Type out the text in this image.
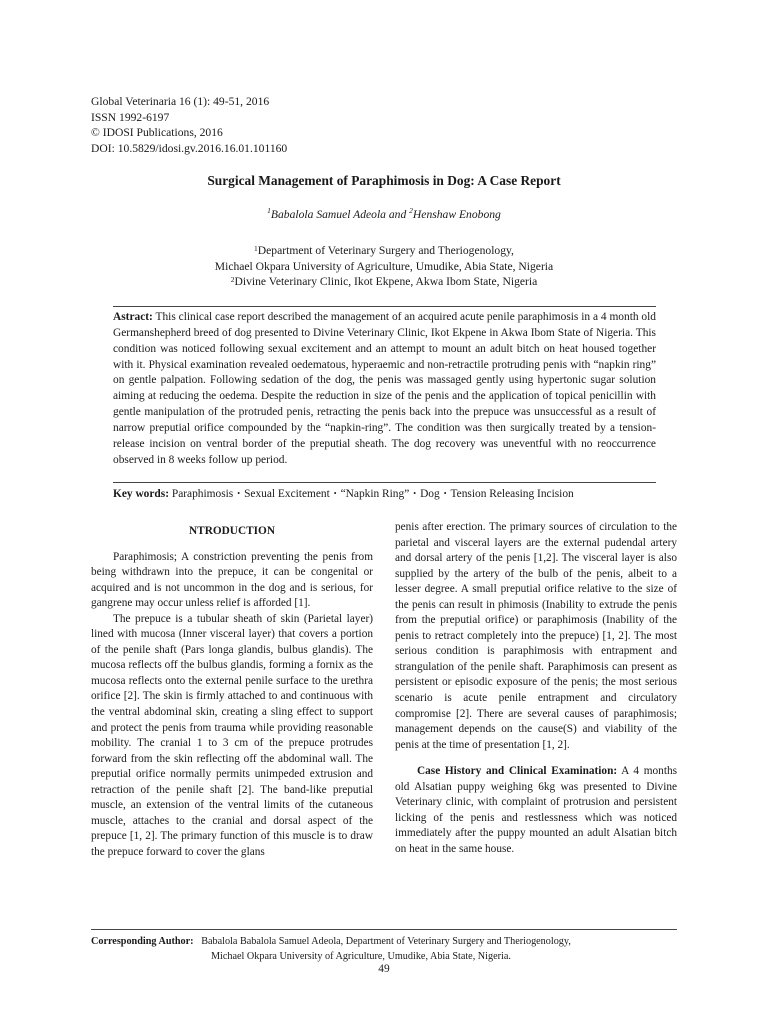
Global Veterinaria 16 (1): 49-51, 2016
ISSN 1992-6197
© IDOSI Publications, 2016
DOI: 10.5829/idosi.gv.2016.16.01.101160
Surgical Management of Paraphimosis in Dog: A Case Report
$^1$Babalola Samuel Adeola and $^2$Henshaw Enobong
$^1$Department of Veterinary Surgery and Theriogenology,
Michael Okpara University of Agriculture, Umudike, Abia State, Nigeria
$^2$Divine Veterinary Clinic, Ikot Ekpene, Akwa Ibom State, Nigeria
Astract: This clinical case report described the management of an acquired acute penile paraphimosis in a 4 month old Germanshepherd breed of dog presented to Divine Veterinary Clinic, Ikot Ekpene in Akwa Ibom State of Nigeria. This condition was noticed following sexual excitement and an attempt to mount an adult bitch on heat housed together with it. Physical examination revealed oedematous, hyperaemic and non-retractile protruding penis with “napkin ring” on gentle palpation. Following sedation of the dog, the penis was massaged gently using hypertonic sugar solution aiming at reducing the oedema. Despite the reduction in size of the penis and the application of topical penicillin with gentle manipulation of the protruded penis, retracting the penis back into the prepuce was unsuccessful as a result of narrow preputial orifice compounded by the “napkin-ring”. The condition was then surgically treated by a tension-release incision on ventral border of the preputial sheath. The dog recovery was uneventful with no reoccurrence observed in 8 weeks follow up period.
Key words: Paraphimosis • Sexual Excitement • “Napkin Ring” • Dog • Tension Releasing Incision
NTRODUCTION

Paraphimosis; A constriction preventing the penis from being withdrawn into the prepuce, it can be congenital or acquired and is not uncommon in the dog and is serious, for gangrene may occur unless relief is afforded [1].

The prepuce is a tubular sheath of skin (Parietal layer) lined with mucosa (Inner visceral layer) that covers a portion of the penile shaft (Pars longa glandis, bulbus glandis). The mucosa reflects off the bulbus glandis, forming a fornix as the mucosa reflects onto the external penile surface to the urethra orifice [2]. The skin is firmly attached to and continuous with the ventral abdominal skin, creating a sling effect to support and protect the penis from trauma while providing reasonable mobility. The cranial 1 to 3 cm of the prepuce protrudes forward from the skin reflecting off the abdominal wall. The preputial orifice normally permits unimpeded extrusion and retraction of the penile shaft [2]. The band-like preputial muscle, an extension of the ventral limits of the cutaneous muscle, attaches to the cranial and dorsal aspect of the prepuce [1, 2]. The primary function of this muscle is to draw the prepuce forward to cover the glans

penis after erection. The primary sources of circulation to the parietal and visceral layers are the external pudendal artery and dorsal artery of the penis [1,2]. The visceral layer is also supplied by the artery of the bulb of the penis, albeit to a lesser degree. A small preputial orifice relative to the size of the penis can result in phimosis (Inability to extrude the penis from the preputial orifice) or paraphimosis (Inability of the penis to retract completely into the prepuce) [1, 2]. The most serious condition is paraphimosis with entrapment and strangulation of the penile shaft. Paraphimosis can present as persistent or episodic exposure of the penis; the most serious scenario is acute penile entrapment and circulatory compromise [2]. There are several causes of paraphimosis; management depends on the cause(S) and viability of the penis at the time of presentation [1, 2].

Case History and Clinical Examination: A 4 months old Alsatian puppy weighing 6kg was presented to Divine Veterinary clinic, with complaint of protrusion and persistent licking of the penis and restlessness which was noticed immediately after the puppy mounted an adult Alsatian bitch on heat in the same house.

Corresponding Author: Babalola Babalola Samuel Adeola, Department of Veterinary Surgery and Theriogenology,
Michael Okpara University of Agriculture, Umudike, Abia State, Nigeria.
49
